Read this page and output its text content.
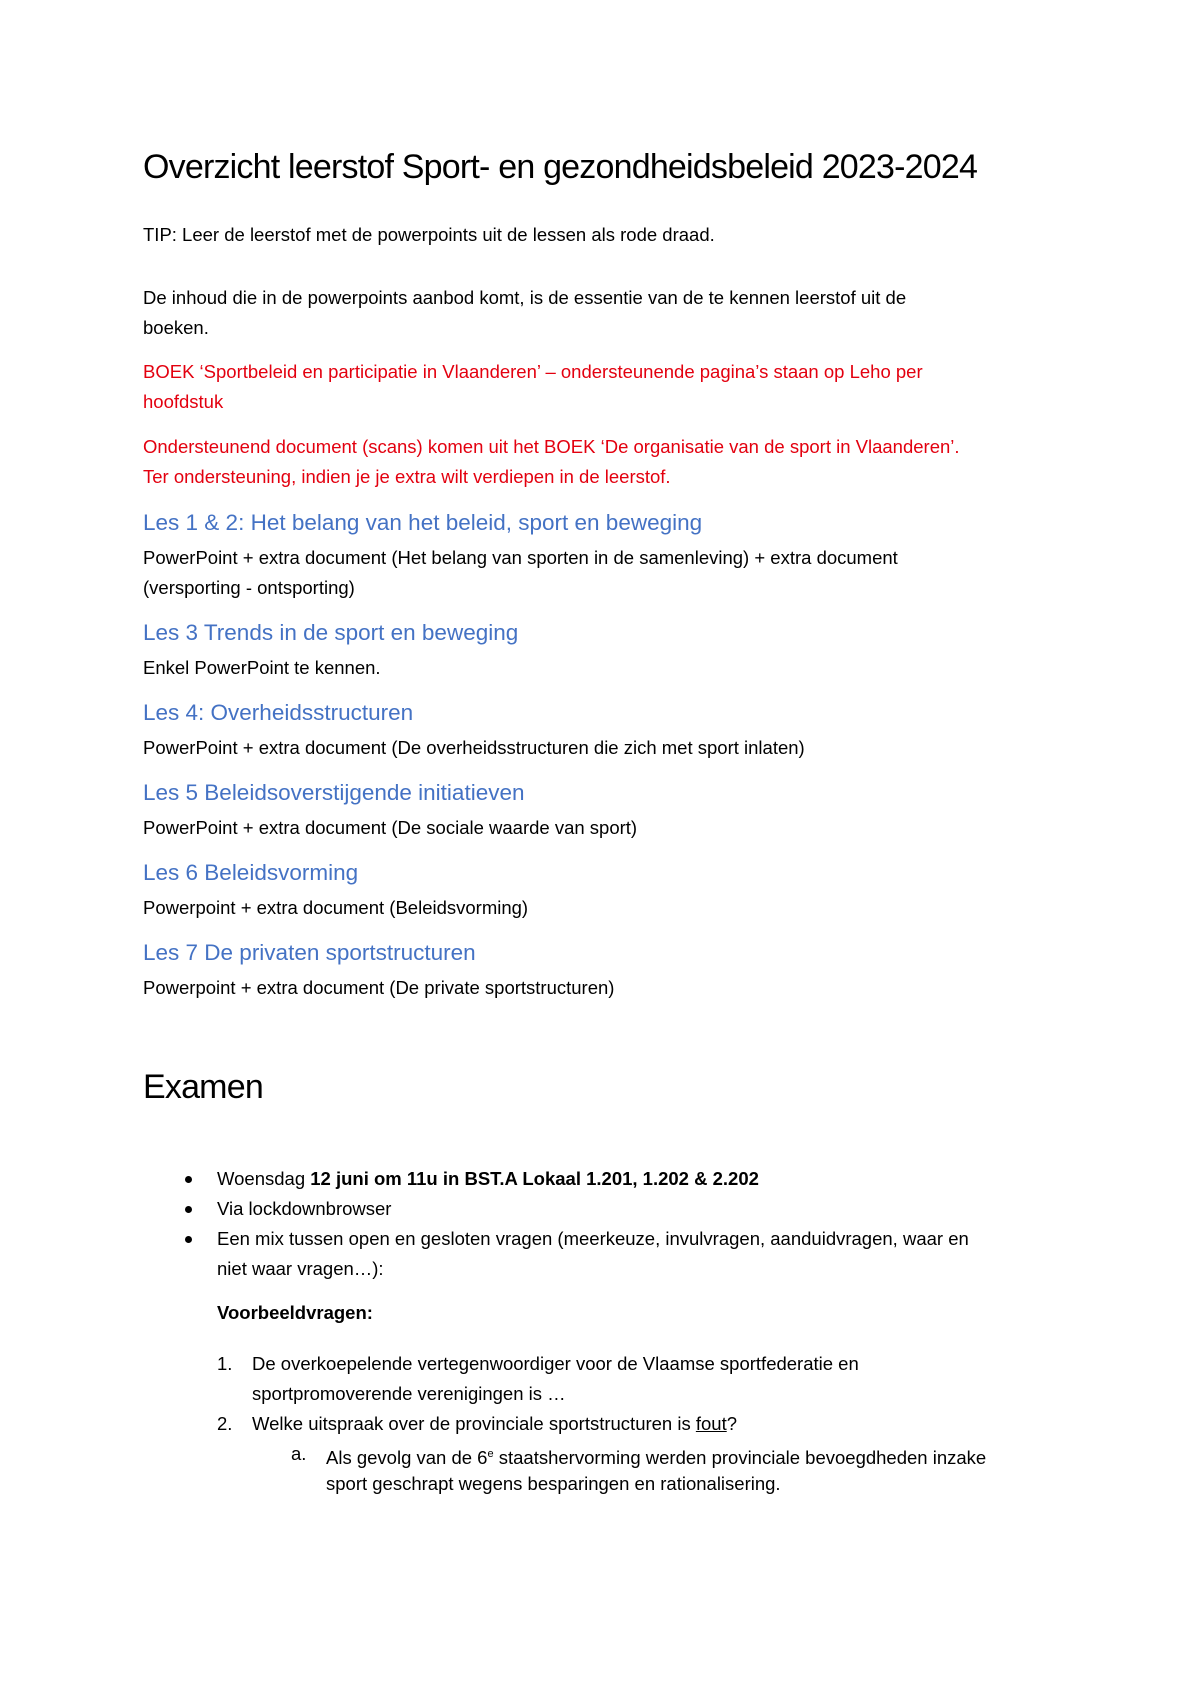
Overzicht leerstof Sport- en gezondheidsbeleid 2023-2024

TIP: Leer de leerstof met de powerpoints uit de lessen als rode draad.

De inhoud die in de powerpoints aanbod komt, is de essentie van de te kennen leerstof uit de

boeken.

BOEK ‘Sportbeleid en participatie in Vlaanderen’ – ondersteunende pagina’s staan op Leho per

hoofdstuk

Ondersteunend document (scans) komen uit het BOEK ‘De organisatie van de sport in Vlaanderen’.

Ter ondersteuning, indien je je extra wilt verdiepen in de leerstof.

Les 1 & 2: Het belang van het beleid, sport en beweging

PowerPoint + extra document (Het belang van sporten in de samenleving) + extra document

(versporting - ontsporting)

Les 3 Trends in de sport en beweging

Enkel PowerPoint te kennen.

Les 4: Overheidsstructuren

PowerPoint + extra document (De overheidsstructuren die zich met sport inlaten)

Les 5 Beleidsoverstijgende initiatieven

PowerPoint + extra document (De sociale waarde van sport)

Les 6 Beleidsvorming

Powerpoint + extra document (Beleidsvorming)

Les 7 De privaten sportstructuren

Powerpoint + extra document (De private sportstructuren)

Examen
Woensdag 12 juni om 11u in BST.A Lokaal 1.201, 1.202 & 2.202
Via lockdownbrowser
Een mix tussen open en gesloten vragen (meerkeuze, invulvragen, aanduidvragen, waar en
niet waar vragen…):

Voorbeeldvragen:

1. De overkoepelende vertegenwoordiger voor de Vlaamse sportfederatie en
sportpromoverende verenigingen is …
2. Welke uitspraak over de provinciale sportstructuren is fout?
a. Als gevolg van de 6e staatshervorming werden provinciale bevoegdheden inzake
sport geschrapt wegens besparingen en rationalisering.
